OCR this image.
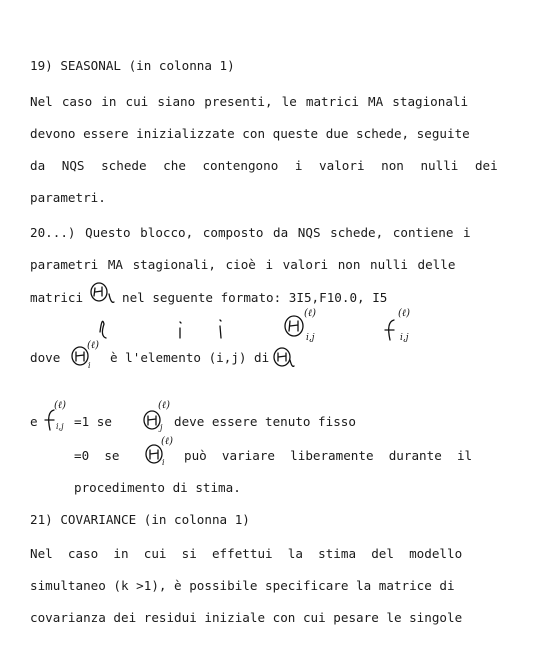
19) SEASONAL (in colonna 1)
Nel caso in cui siano presenti, le matrici MA stagionali
devono essere inizializzate con queste due schede, seguite
da NQS schede che contengono i valori non nulli dei
parametri.
20...) Questo blocco, composto da NQS schede, contiene i
parametri MA stagionali, cioè i valori non nulli delle
matrici	nel seguente formato: 3I5,F10.0, I5
(ℓ)
i,j
(ℓ)
i,j
dove
(ℓ)
i
è l'elemento (i,j) di
e
(ℓ)
i,j =1 se
(ℓ)
j deve essere tenuto fisso
=0  se
(ℓ)
i può  variare  liberamente  durante  il
procedimento di stima.
21) COVARIANCE (in colonna 1)
Nel  caso  in  cui  si  effettui  la  stima  del  modello
simultaneo (k >1), è possibile specificare la matrice di
covarianza dei residui iniziale con cui pesare le singole
